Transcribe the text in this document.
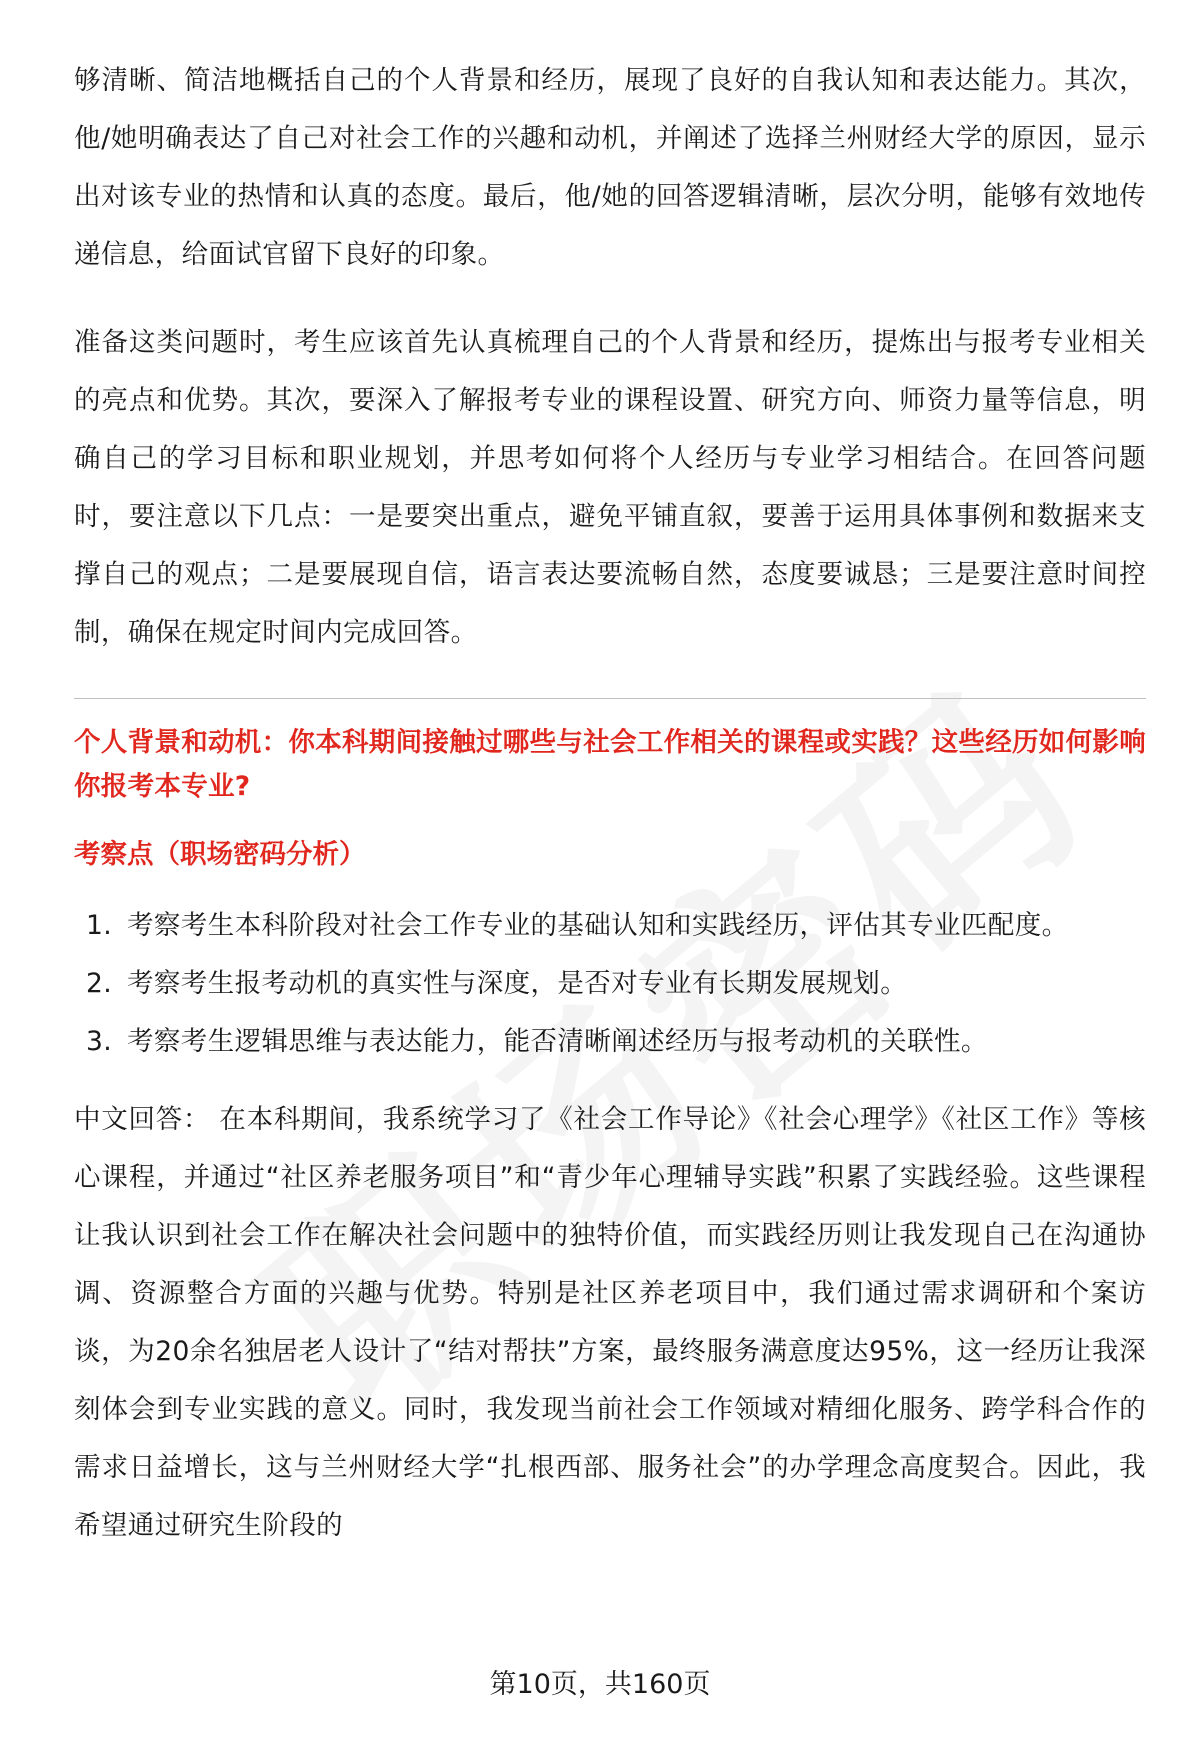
够清晰、简洁地概括自己的个人背景和经历，展现了良好的自我认知和表达能力。其次，他/她明确表达了自己对社会工作的兴趣和动机，并阐述了选择兰州财经大学的原因，显示出对该专业的热情和认真的态度。最后，他/她的回答逻辑清晰，层次分明，能够有效地传递信息，给面试官留下良好的印象。

准备这类问题时，考生应该首先认真梳理自己的个人背景和经历，提炼出与报考专业相关的亮点和优势。其次，要深入了解报考专业的课程设置、研究方向、师资力量等信息，明确自己的学习目标和职业规划，并思考如何将个人经历与专业学习相结合。在回答问题时，要注意以下几点：一是要突出重点，避免平铺直叙，要善于运用具体事例和数据来支撑自己的观点；二是要展现自信，语言表达要流畅自然，态度要诚恳；三是要注意时间控制，确保在规定时间内完成回答。

个人背景和动机：你本科期间接触过哪些与社会工作相关的课程或实践？这些经历如何影响你报考本专业?

考察点（职场密码分析）

1. 考察考生本科阶段对社会工作专业的基础认知和实践经历，评估其专业匹配度。
2. 考察考生报考动机的真实性与深度，是否对专业有长期发展规划。
3. 考察考生逻辑思维与表达能力，能否清晰阐述经历与报考动机的关联性。

中文回答： 在本科期间，我系统学习了《社会工作导论》《社会心理学》《社区工作》等核心课程，并通过“社区养老服务项目”和“青少年心理辅导实践”积累了实践经验。这些课程让我认识到社会工作在解决社会问题中的独特价值，而实践经历则让我发现自己在沟通协调、资源整合方面的兴趣与优势。特别是社区养老项目中，我们通过需求调研和个案访谈，为20余名独居老人设计了“结对帮扶”方案，最终服务满意度达95%，这一经历让我深刻体会到专业实践的意义。同时，我发现当前社会工作领域对精细化服务、跨学科合作的需求日益增长，这与兰州财经大学“扎根西部、服务社会”的办学理念高度契合。因此，我希望通过研究生阶段的

第10页，共160页
